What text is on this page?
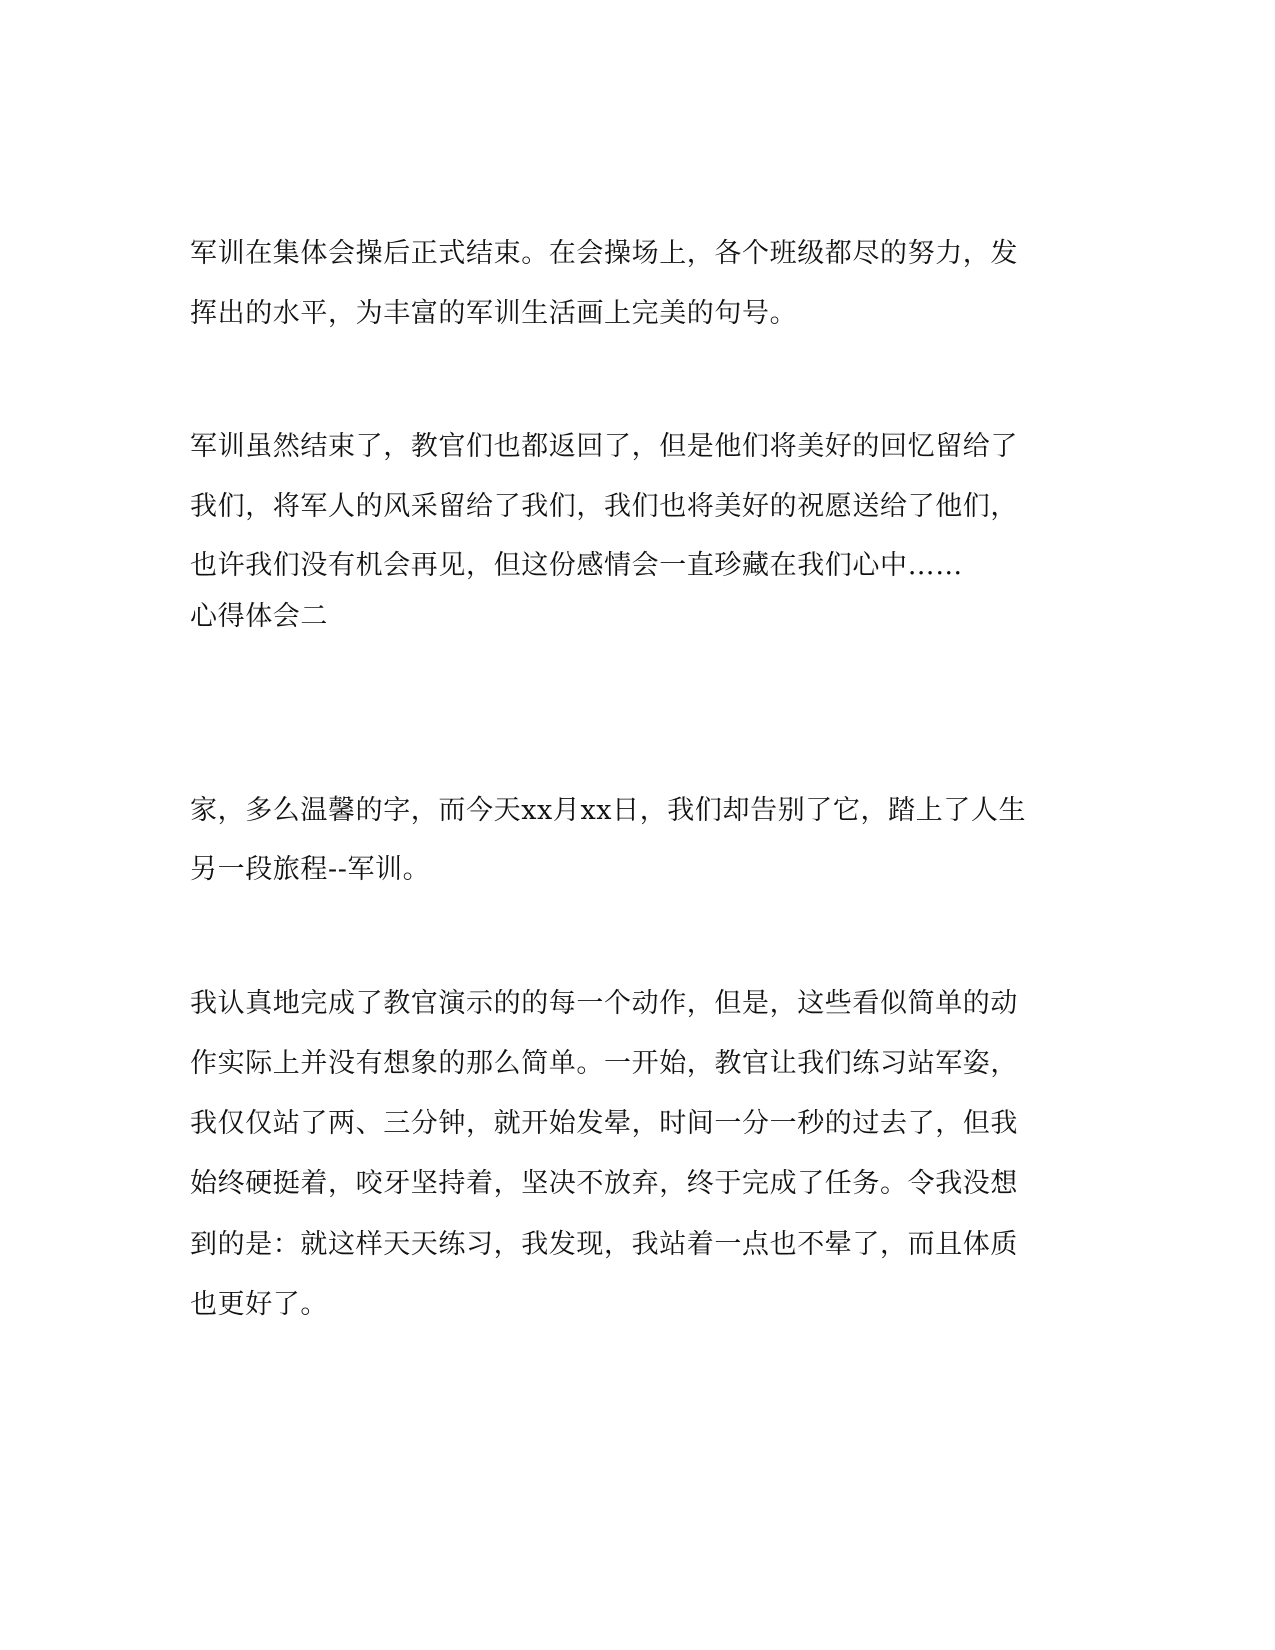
军训在集体会操后正式结束。在会操场上，各个班级都尽的努力，发
挥出的水平，为丰富的军训生活画上完美的句号。
军训虽然结束了，教官们也都返回了，但是他们将美好的回忆留给了
我们，将军人的风采留给了我们，我们也将美好的祝愿送给了他们，
也许我们没有机会再见，但这份感情会一直珍藏在我们心中……
心得体会二
家，多么温馨的字，而今天xx月xx日，我们却告别了它，踏上了人生
另一段旅程--军训。
我认真地完成了教官演示的的每一个动作，但是，这些看似简单的动
作实际上并没有想象的那么简单。一开始，教官让我们练习站军姿，
我仅仅站了两、三分钟，就开始发晕，时间一分一秒的过去了，但我
始终硬挺着，咬牙坚持着，坚决不放弃，终于完成了任务。令我没想
到的是：就这样天天练习，我发现，我站着一点也不晕了，而且体质
也更好了。
